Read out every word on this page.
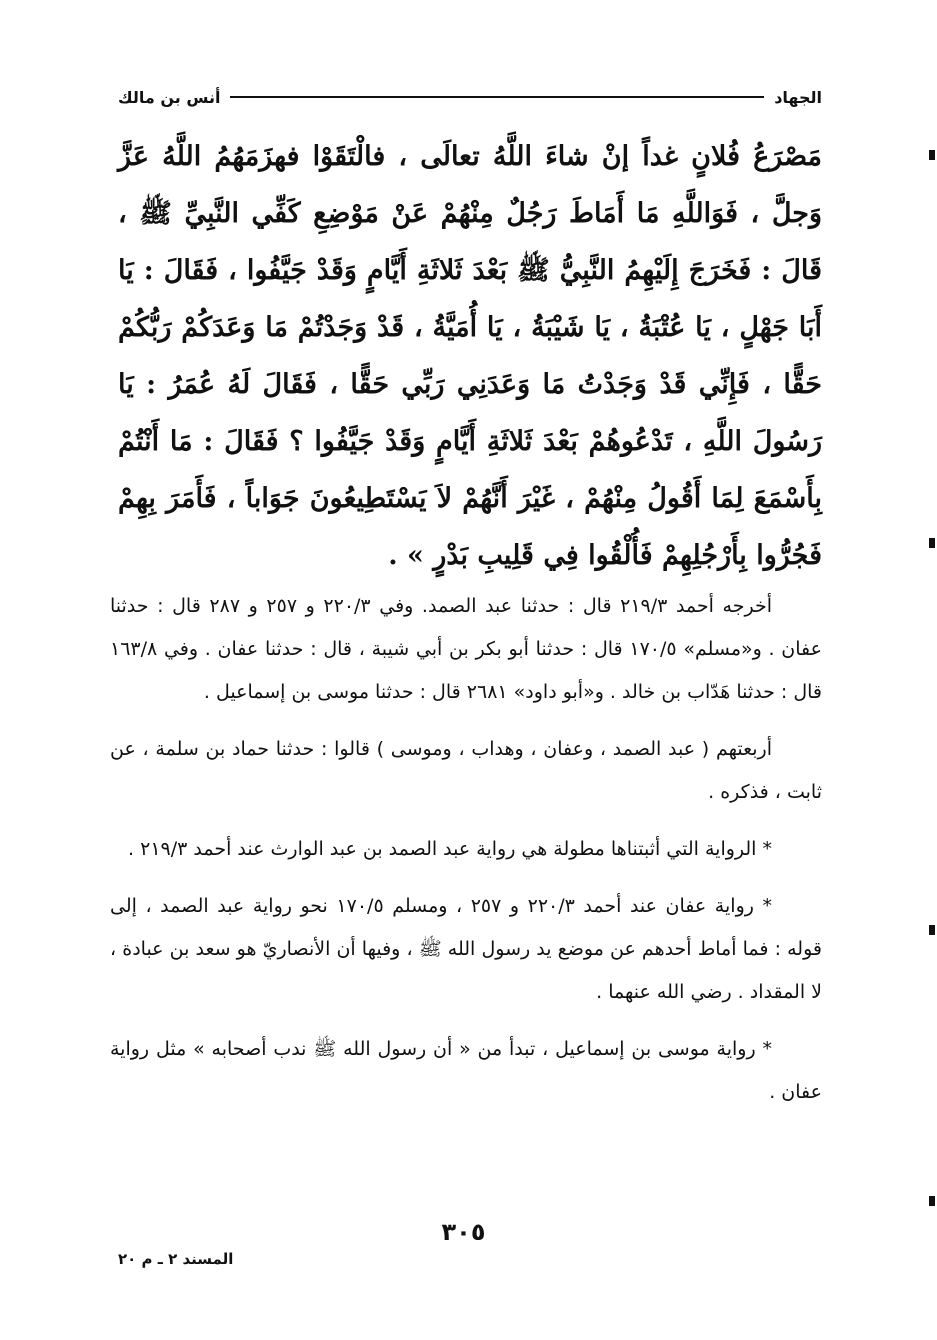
الجهاد
أنس بن مالك

مَصْرَعُ فُلانٍ غداً إنْ شاءَ اللَّهُ تعالَى ، فالْتَقَوْا فهزَمَهُمُ اللَّهُ عَزَّ وَجلَّ ، فَوَاللَّهِ مَا أَمَاطَ رَجُلٌ مِنْهُمْ عَنْ مَوْضِعِ كَفِّي النَّبِيِّ ﷺ ، قَالَ : فَخَرَجَ إِلَيْهِمُ النَّبِيُّ ﷺ بَعْدَ ثَلاثَةِ أَيَّامٍ وَقَدْ جَيَّفُوا ، فَقَالَ : يَا أَبَا جَهْلٍ ، يَا عُتْبَةُ ، يَا شَيْبَةُ ، يَا أُمَيَّةُ ، قَدْ وَجَدْتُمْ مَا وَعَدَكُمْ رَبُّكُمْ حَقًّا ، فَإِنِّي قَدْ وَجَدْتُ مَا وَعَدَنِي رَبِّي حَقًّا ، فَقَالَ لَهُ عُمَرُ : يَا رَسُولَ اللَّهِ ، تَدْعُوهُمْ بَعْدَ ثَلاثَةِ أَيَّامٍ وَقَدْ جَيَّفُوا ؟ فَقَالَ : مَا أَنْتُمْ بِأَسْمَعَ لِمَا أَقُولُ مِنْهُمْ ، غَيْرَ أَنَّهُمْ لاَ يَسْتَطِيعُونَ جَوَاباً ، فَأَمَرَ بِهِمْ فَجُرُّوا بِأَرْجُلِهِمْ فَأُلْقُوا فِي قَلِيبِ بَدْرٍ » .

أخرجه أحمد ٢١٩/٣ قال : حدثنا عبد الصمد. وفي ٢٢٠/٣ و ٢٥٧ و ٢٨٧ قال : حدثنا عفان . و«مسلم» ١٧٠/٥ قال : حدثنا أبو بكر بن أبي شيبة ، قال : حدثنا عفان . وفي ١٦٣/٨ قال : حدثنا هَدّاب بن خالد . و«أبو داود» ٢٦٨١ قال : حدثنا موسى بن إسماعيل .

أربعتهم ( عبد الصمد ، وعفان ، وهداب ، وموسى ) قالوا : حدثنا حماد بن سلمة ، عن ثابت ، فذكره .

* الرواية التي أثبتناها مطولة هي رواية عبد الصمد بن عبد الوارث عند أحمد ٢١٩/٣ .

* رواية عفان عند أحمد ٢٢٠/٣ و ٢٥٧ ، ومسلم ١٧٠/٥ نحو رواية عبد الصمد ، إلى قوله : فما أماط أحدهم عن موضع يد رسول الله ﷺ ، وفيها أن الأنصاريّ هو سعد بن عبادة ، لا المقداد . رضي الله عنهما .

* رواية موسى بن إسماعيل ، تبدأ من « أن رسول الله ﷺ ندب أصحابه » مثل رواية عفان .

٣٠٥
المسند ٢ ـ م ٢٠
